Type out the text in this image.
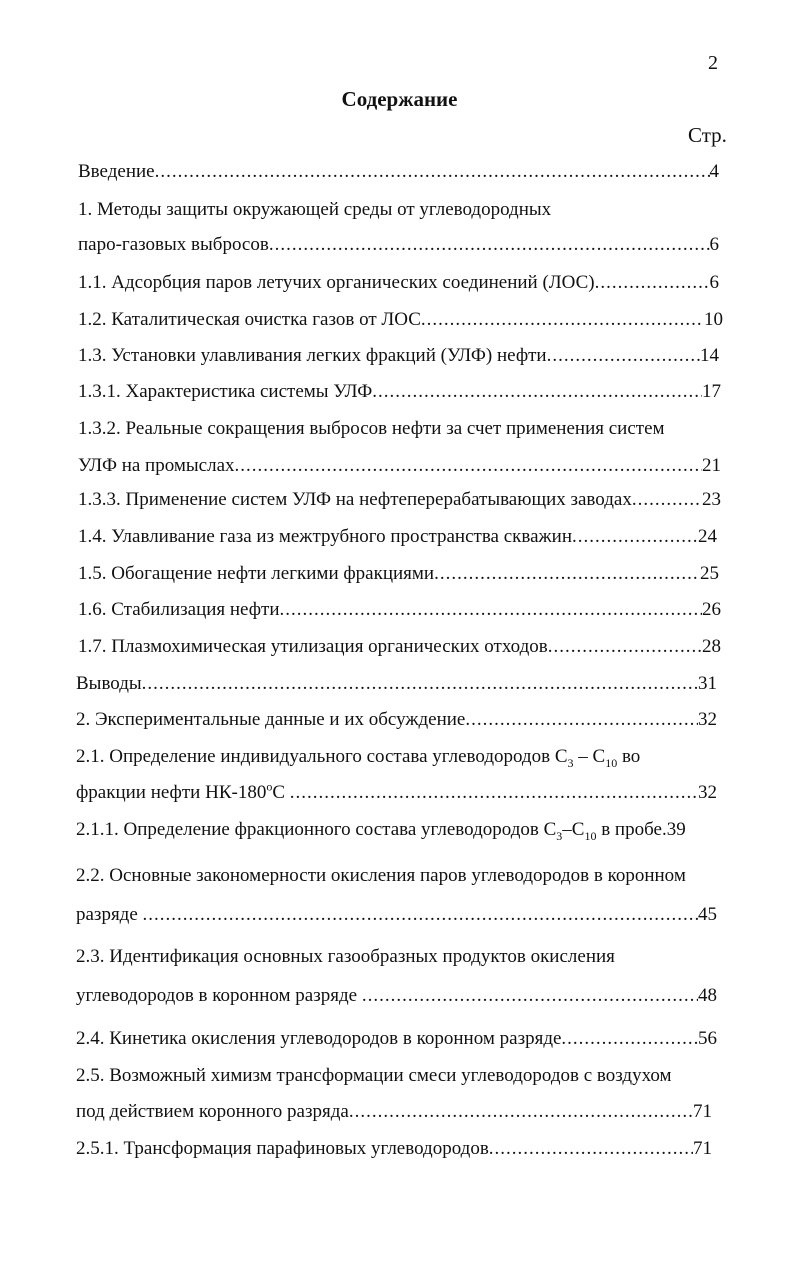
2
Содержание
Стр.
Введение .....	4
1. Методы защиты окружающей среды от углеводородных
паро-газовых выбросов .....	6
1.1. Адсорбция паров летучих органических соединений (ЛОС) .....	6
1.2. Каталитическая очистка газов от ЛОС .....	10
1.3. Установки улавливания легких фракций (УЛФ) нефти .....	14
1.3.1. Характеристика системы УЛФ .....	17
1.3.2. Реальные сокращения выбросов нефти за счет применения систем
УЛФ на промыслах .....	21
1.3.3. Применение систем УЛФ на нефтеперерабатывающих заводах .....	23
1.4. Улавливание газа из межтрубного пространства скважин .....	24
1.5. Обогащение нефти легкими фракциями .....	25
1.6. Стабилизация нефти .....	26
1.7. Плазмохимическая утилизация органических отходов .....	28
Выводы .....	31
2. Экспериментальные данные и их обсуждение .....	32
2.1. Определение индивидуального состава углеводородов $С_3 - С_{10}$ во
фракции нефти $НК-180^оС$ .....	32
2.1.1. Определение фракционного состава углеводородов $С_3-С_{10}$ в пробе.39
2.2. Основные закономерности окисления паров углеводородов в коронном
разряде .....	45
2.3. Идентификация основных газообразных продуктов окисления
углеводородов в коронном разряде .....	48
2.4. Кинетика окисления углеводородов в коронном разряде .....	56
2.5. Возможный химизм трансформации смеси углеводородов с воздухом
под действием коронного разряда .....	71
2.5.1. Трансформация парафиновых углеводородов .....	71
